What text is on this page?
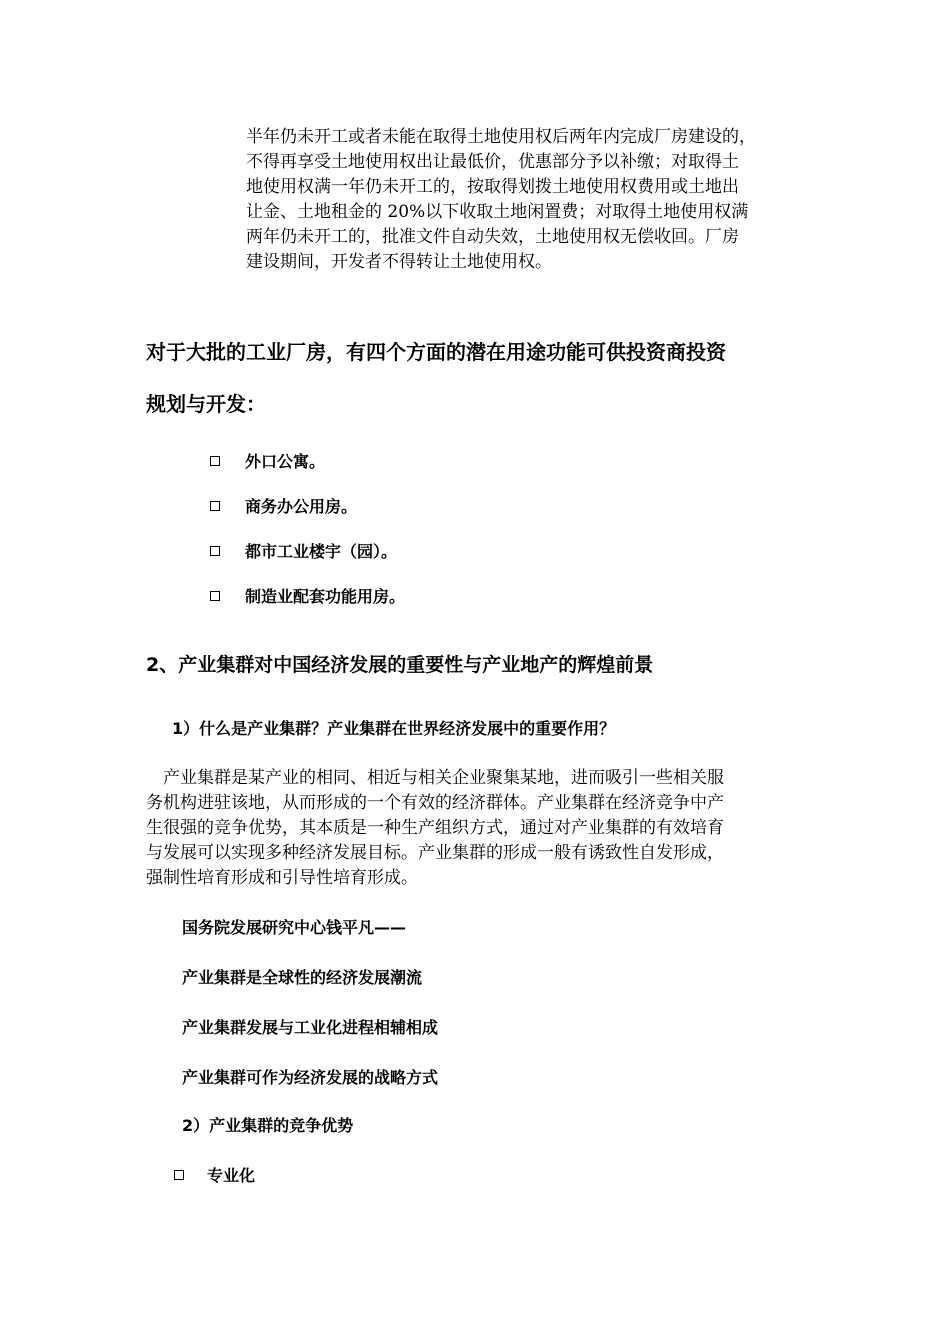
半年仍未开工或者未能在取得土地使用权后两年内完成厂房建设的，
不得再享受土地使用权出让最低价，优惠部分予以补缴；对取得土
地使用权满一年仍未开工的，按取得划拨土地使用权费用或土地出
让金、土地租金的 20%以下收取土地闲置费；对取得土地使用权满
两年仍未开工的，批准文件自动失效，土地使用权无偿收回。厂房
建设期间，开发者不得转让土地使用权。
对于大批的工业厂房，有四个方面的潜在用途功能可供投资商投资
规划与开发：
外口公寓。
商务办公用房。
都市工业楼宇（园）。
制造业配套功能用房。
2、产业集群对中国经济发展的重要性与产业地产的辉煌前景
1）什么是产业集群？产业集群在世界经济发展中的重要作用？
　产业集群是某产业的相同、相近与相关企业聚集某地，进而吸引一些相关服
务机构进驻该地，从而形成的一个有效的经济群体。产业集群在经济竞争中产
生很强的竞争优势，其本质是一种生产组织方式，通过对产业集群的有效培育
与发展可以实现多种经济发展目标。产业集群的形成一般有诱致性自发形成，
强制性培育形成和引导性培育形成。
国务院发展研究中心钱平凡——
产业集群是全球性的经济发展潮流
产业集群发展与工业化进程相辅相成
产业集群可作为经济发展的战略方式
2）产业集群的竞争优势
专业化
